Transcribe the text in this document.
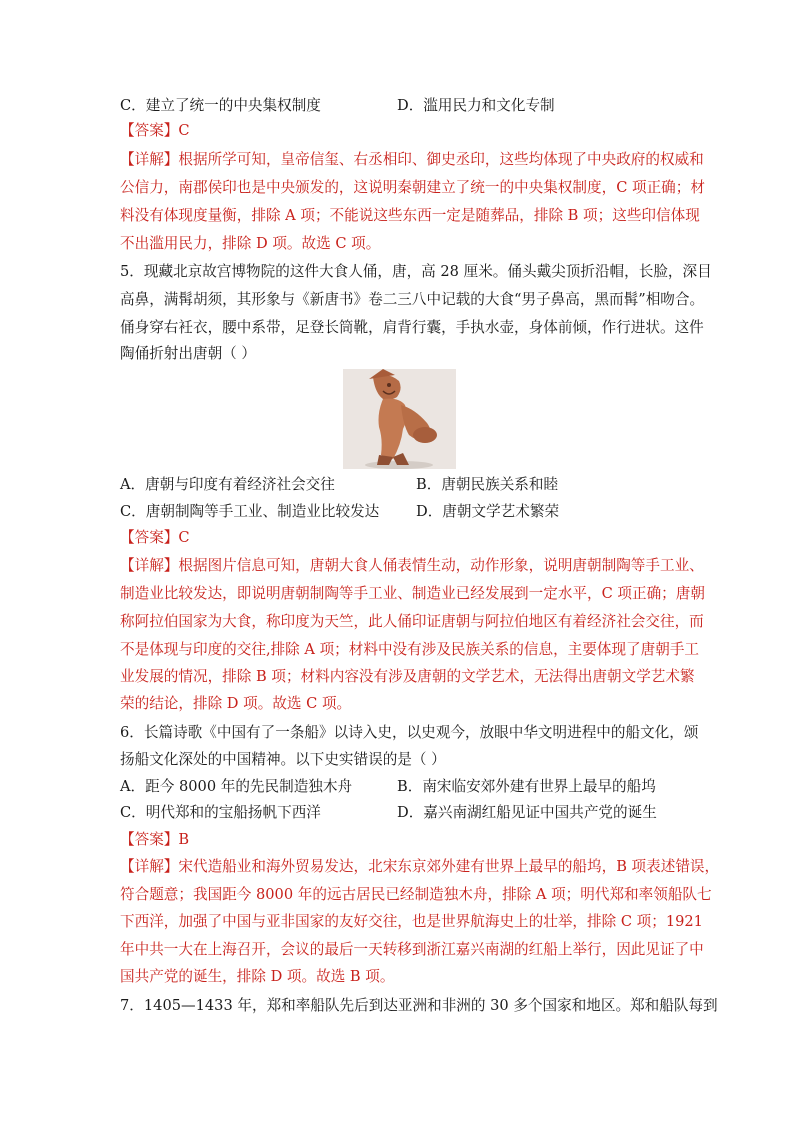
C．建立了统一的中央集权制度	D．滥用民力和文化专制
【答案】C
【详解】根据所学可知，皇帝信玺、右丞相印、御史丞印，这些均体现了中央政府的权威和
公信力，南郡侯印也是中央颁发的，这说明秦朝建立了统一的中央集权制度，C 项正确；材
料没有体现度量衡，排除 A 项；不能说这些东西一定是随葬品，排除 B 项；这些印信体现
不出滥用民力，排除 D 项。故选 C 项。
5．现藏北京故宫博物院的这件大食人俑，唐，高 28 厘米。俑头戴尖顶折沿帽，长脸，深目
高鼻，满髯胡须，其形象与《新唐书》卷二三八中记载的大食“男子鼻高，黑而髯”相吻合。
俑身穿右衽衣，腰中系带，足登长筒靴，肩背行囊，手执水壶，身体前倾，作行进状。这件
陶俑折射出唐朝（ ）
A．唐朝与印度有着经济社会交往	B．唐朝民族关系和睦
C．唐朝制陶等手工业、制造业比较发达	D．唐朝文学艺术繁荣
【答案】C
【详解】根据图片信息可知，唐朝大食人俑表情生动，动作形象，说明唐朝制陶等手工业、
制造业比较发达，即说明唐朝制陶等手工业、制造业已经发展到一定水平，C 项正确；唐朝
称阿拉伯国家为大食，称印度为天竺，此人俑印证唐朝与阿拉伯地区有着经济社会交往，而
不是体现与印度的交往,排除 A 项；材料中没有涉及民族关系的信息，主要体现了唐朝手工
业发展的情况，排除 B 项；材料内容没有涉及唐朝的文学艺术，无法得出唐朝文学艺术繁
荣的结论，排除 D 项。故选 C 项。
6．长篇诗歌《中国有了一条船》以诗入史，以史观今，放眼中华文明进程中的船文化，颂
扬船文化深处的中国精神。以下史实错误的是（ ）
A．距今 8000 年的先民制造独木舟	B．南宋临安郊外建有世界上最早的船坞
C．明代郑和的宝船扬帆下西洋	D．嘉兴南湖红船见证中国共产党的诞生
【答案】B
【详解】宋代造船业和海外贸易发达，北宋东京郊外建有世界上最早的船坞，B 项表述错误，
符合题意；我国距今 8000 年的远古居民已经制造独木舟，排除 A 项；明代郑和率领船队七
下西洋，加强了中国与亚非国家的友好交往，也是世界航海史上的壮举，排除 C 项；1921
年中共一大在上海召开，会议的最后一天转移到浙江嘉兴南湖的红船上举行，因此见证了中
国共产党的诞生，排除 D 项。故选 B 项。
7．1405—1433 年，郑和率船队先后到达亚洲和非洲的 30 多个国家和地区。郑和船队每到
